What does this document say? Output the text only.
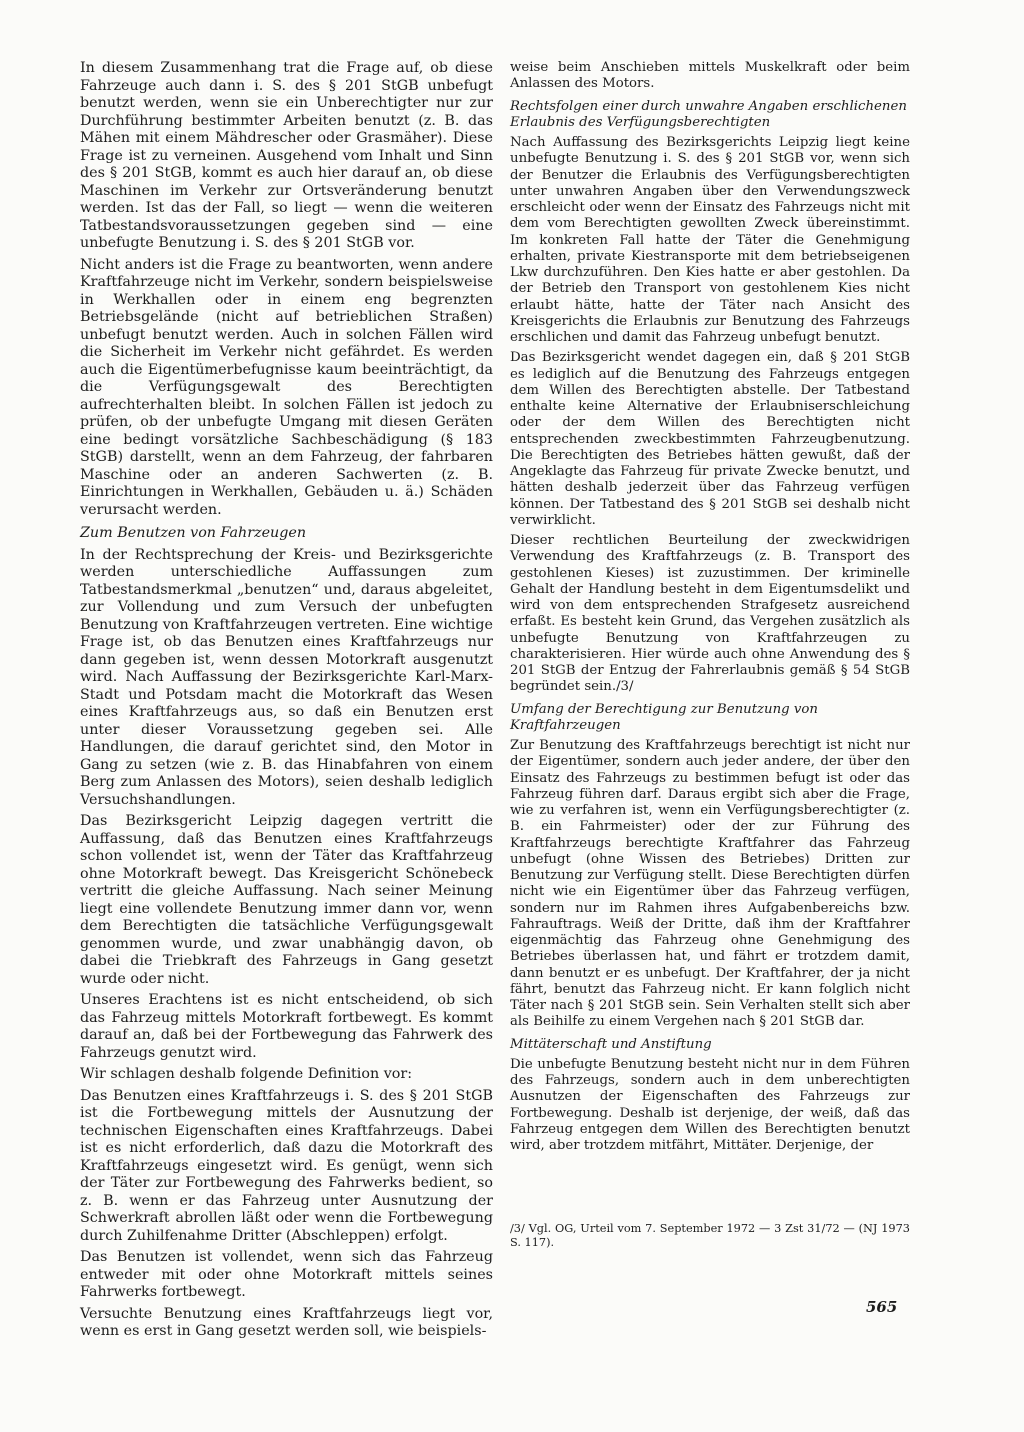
In diesem Zusammenhang trat die Frage auf, ob diese Fahrzeuge auch dann i. S. des § 201 StGB unbefugt benutzt werden, wenn sie ein Unberechtigter nur zur Durchführung bestimmter Arbeiten benutzt (z. B. das Mähen mit einem Mähdrescher oder Grasmäher). Diese Frage ist zu verneinen. Ausgehend vom Inhalt und Sinn des § 201 StGB, kommt es auch hier darauf an, ob diese Maschinen im Verkehr zur Ortsveränderung benutzt werden. Ist das der Fall, so liegt — wenn die weiteren Tatbestandsvoraussetzungen gegeben sind — eine unbefugte Benutzung i. S. des § 201 StGB vor.

Nicht anders ist die Frage zu beantworten, wenn andere Kraftfahrzeuge nicht im Verkehr, sondern beispielsweise in Werkhallen oder in einem eng begrenzten Betriebsgelände (nicht auf betrieblichen Straßen) unbefugt benutzt werden. Auch in solchen Fällen wird die Sicherheit im Verkehr nicht gefährdet. Es werden auch die Eigentümerbefugnisse kaum beeinträchtigt, da die Verfügungsgewalt des Berechtigten aufrechterhalten bleibt. In solchen Fällen ist jedoch zu prüfen, ob der unbefugte Umgang mit diesen Geräten eine bedingt vorsätzliche Sachbeschädigung (§ 183 StGB) darstellt, wenn an dem Fahrzeug, der fahrbaren Maschine oder an anderen Sachwerten (z. B. Einrichtungen in Werkhallen, Gebäuden u. ä.) Schäden verursacht werden.

Zum Benutzen von Fahrzeugen

In der Rechtsprechung der Kreis- und Bezirksgerichte werden unterschiedliche Auffassungen zum Tatbestandsmerkmal „benutzen“ und, daraus abgeleitet, zur Vollendung und zum Versuch der unbefugten Benutzung von Kraftfahrzeugen vertreten. Eine wichtige Frage ist, ob das Benutzen eines Kraftfahrzeugs nur dann gegeben ist, wenn dessen Motorkraft ausgenutzt wird. Nach Auffassung der Bezirksgerichte Karl-Marx-Stadt und Potsdam macht die Motorkraft das Wesen eines Kraftfahrzeugs aus, so daß ein Benutzen erst unter dieser Voraussetzung gegeben sei. Alle Handlungen, die darauf gerichtet sind, den Motor in Gang zu setzen (wie z. B. das Hinabfahren von einem Berg zum Anlassen des Motors), seien deshalb lediglich Versuchshandlungen.

Das Bezirksgericht Leipzig dagegen vertritt die Auffassung, daß das Benutzen eines Kraftfahrzeugs schon vollendet ist, wenn der Täter das Kraftfahrzeug ohne Motorkraft bewegt. Das Kreisgericht Schönebeck vertritt die gleiche Auffassung. Nach seiner Meinung liegt eine vollendete Benutzung immer dann vor, wenn dem Berechtigten die tatsächliche Verfügungsgewalt genommen wurde, und zwar unabhängig davon, ob dabei die Triebkraft des Fahrzeugs in Gang gesetzt wurde oder nicht.

Unseres Erachtens ist es nicht entscheidend, ob sich das Fahrzeug mittels Motorkraft fortbewegt. Es kommt darauf an, daß bei der Fortbewegung das Fahrwerk des Fahrzeugs genutzt wird.

Wir schlagen deshalb folgende Definition vor:

Das Benutzen eines Kraftfahrzeugs i. S. des § 201 StGB ist die Fortbewegung mittels der Ausnutzung der technischen Eigenschaften eines Kraftfahrzeugs. Dabei ist es nicht erforderlich, daß dazu die Motorkraft des Kraftfahrzeugs eingesetzt wird. Es genügt, wenn sich der Täter zur Fortbewegung des Fahrwerks bedient, so z. B. wenn er das Fahrzeug unter Ausnutzung der Schwerkraft abrollen läßt oder wenn die Fortbewegung durch Zuhilfenahme Dritter (Abschleppen) erfolgt.

Das Benutzen ist vollendet, wenn sich das Fahrzeug entweder mit oder ohne Motorkraft mittels seines Fahrwerks fortbewegt.

Versuchte Benutzung eines Kraftfahrzeugs liegt vor, wenn es erst in Gang gesetzt werden soll, wie beispiels-

weise beim Anschieben mittels Muskelkraft oder beim Anlassen des Motors.

Rechtsfolgen einer durch unwahre Angaben erschlichenen Erlaubnis des Verfügungsberechtigten

Nach Auffassung des Bezirksgerichts Leipzig liegt keine unbefugte Benutzung i. S. des § 201 StGB vor, wenn sich der Benutzer die Erlaubnis des Verfügungsberechtigten unter unwahren Angaben über den Verwendungszweck erschleicht oder wenn der Einsatz des Fahrzeugs nicht mit dem vom Berechtigten gewollten Zweck übereinstimmt. Im konkreten Fall hatte der Täter die Genehmigung erhalten, private Kiestransporte mit dem betriebseigenen Lkw durchzuführen. Den Kies hatte er aber gestohlen. Da der Betrieb den Transport von gestohlenem Kies nicht erlaubt hätte, hatte der Täter nach Ansicht des Kreisgerichts die Erlaubnis zur Benutzung des Fahrzeugs erschlichen und damit das Fahrzeug unbefugt benutzt.

Das Bezirksgericht wendet dagegen ein, daß § 201 StGB es lediglich auf die Benutzung des Fahrzeugs entgegen dem Willen des Berechtigten abstelle. Der Tatbestand enthalte keine Alternative der Erlaubniserschleichung oder der dem Willen des Berechtigten nicht entsprechenden zweckbestimmten Fahrzeugbenutzung. Die Berechtigten des Betriebes hätten gewußt, daß der Angeklagte das Fahrzeug für private Zwecke benutzt, und hätten deshalb jederzeit über das Fahrzeug verfügen können. Der Tatbestand des § 201 StGB sei deshalb nicht verwirklicht.

Dieser rechtlichen Beurteilung der zweckwidrigen Verwendung des Kraftfahrzeugs (z. B. Transport des gestohlenen Kieses) ist zuzustimmen. Der kriminelle Gehalt der Handlung besteht in dem Eigentumsdelikt und wird von dem entsprechenden Strafgesetz ausreichend erfaßt. Es besteht kein Grund, das Vergehen zusätzlich als unbefugte Benutzung von Kraftfahrzeugen zu charakterisieren. Hier würde auch ohne Anwendung des § 201 StGB der Entzug der Fahrerlaubnis gemäß § 54 StGB begründet sein./3/

Umfang der Berechtigung zur Benutzung von Kraftfahrzeugen

Zur Benutzung des Kraftfahrzeugs berechtigt ist nicht nur der Eigentümer, sondern auch jeder andere, der über den Einsatz des Fahrzeugs zu bestimmen befugt ist oder das Fahrzeug führen darf. Daraus ergibt sich aber die Frage, wie zu verfahren ist, wenn ein Verfügungsberechtigter (z. B. ein Fahrmeister) oder der zur Führung des Kraftfahrzeugs berechtigte Kraftfahrer das Fahrzeug unbefugt (ohne Wissen des Betriebes) Dritten zur Benutzung zur Verfügung stellt. Diese Berechtigten dürfen nicht wie ein Eigentümer über das Fahrzeug verfügen, sondern nur im Rahmen ihres Aufgabenbereichs bzw. Fahrauftrags. Weiß der Dritte, daß ihm der Kraftfahrer eigenmächtig das Fahrzeug ohne Genehmigung des Betriebes überlassen hat, und fährt er trotzdem damit, dann benutzt er es unbefugt. Der Kraftfahrer, der ja nicht fährt, benutzt das Fahrzeug nicht. Er kann folglich nicht Täter nach § 201 StGB sein. Sein Verhalten stellt sich aber als Beihilfe zu einem Vergehen nach § 201 StGB dar.

Mittäterschaft und Anstiftung

Die unbefugte Benutzung besteht nicht nur in dem Führen des Fahrzeugs, sondern auch in dem unberechtigten Ausnutzen der Eigenschaften des Fahrzeugs zur Fortbewegung. Deshalb ist derjenige, der weiß, daß das Fahrzeug entgegen dem Willen des Berechtigten benutzt wird, aber trotzdem mitfährt, Mittäter. Derjenige, der

/3/ Vgl. OG, Urteil vom 7. September 1972 — 3 Zst 31/72 — (NJ 1973 S. 117).
565
